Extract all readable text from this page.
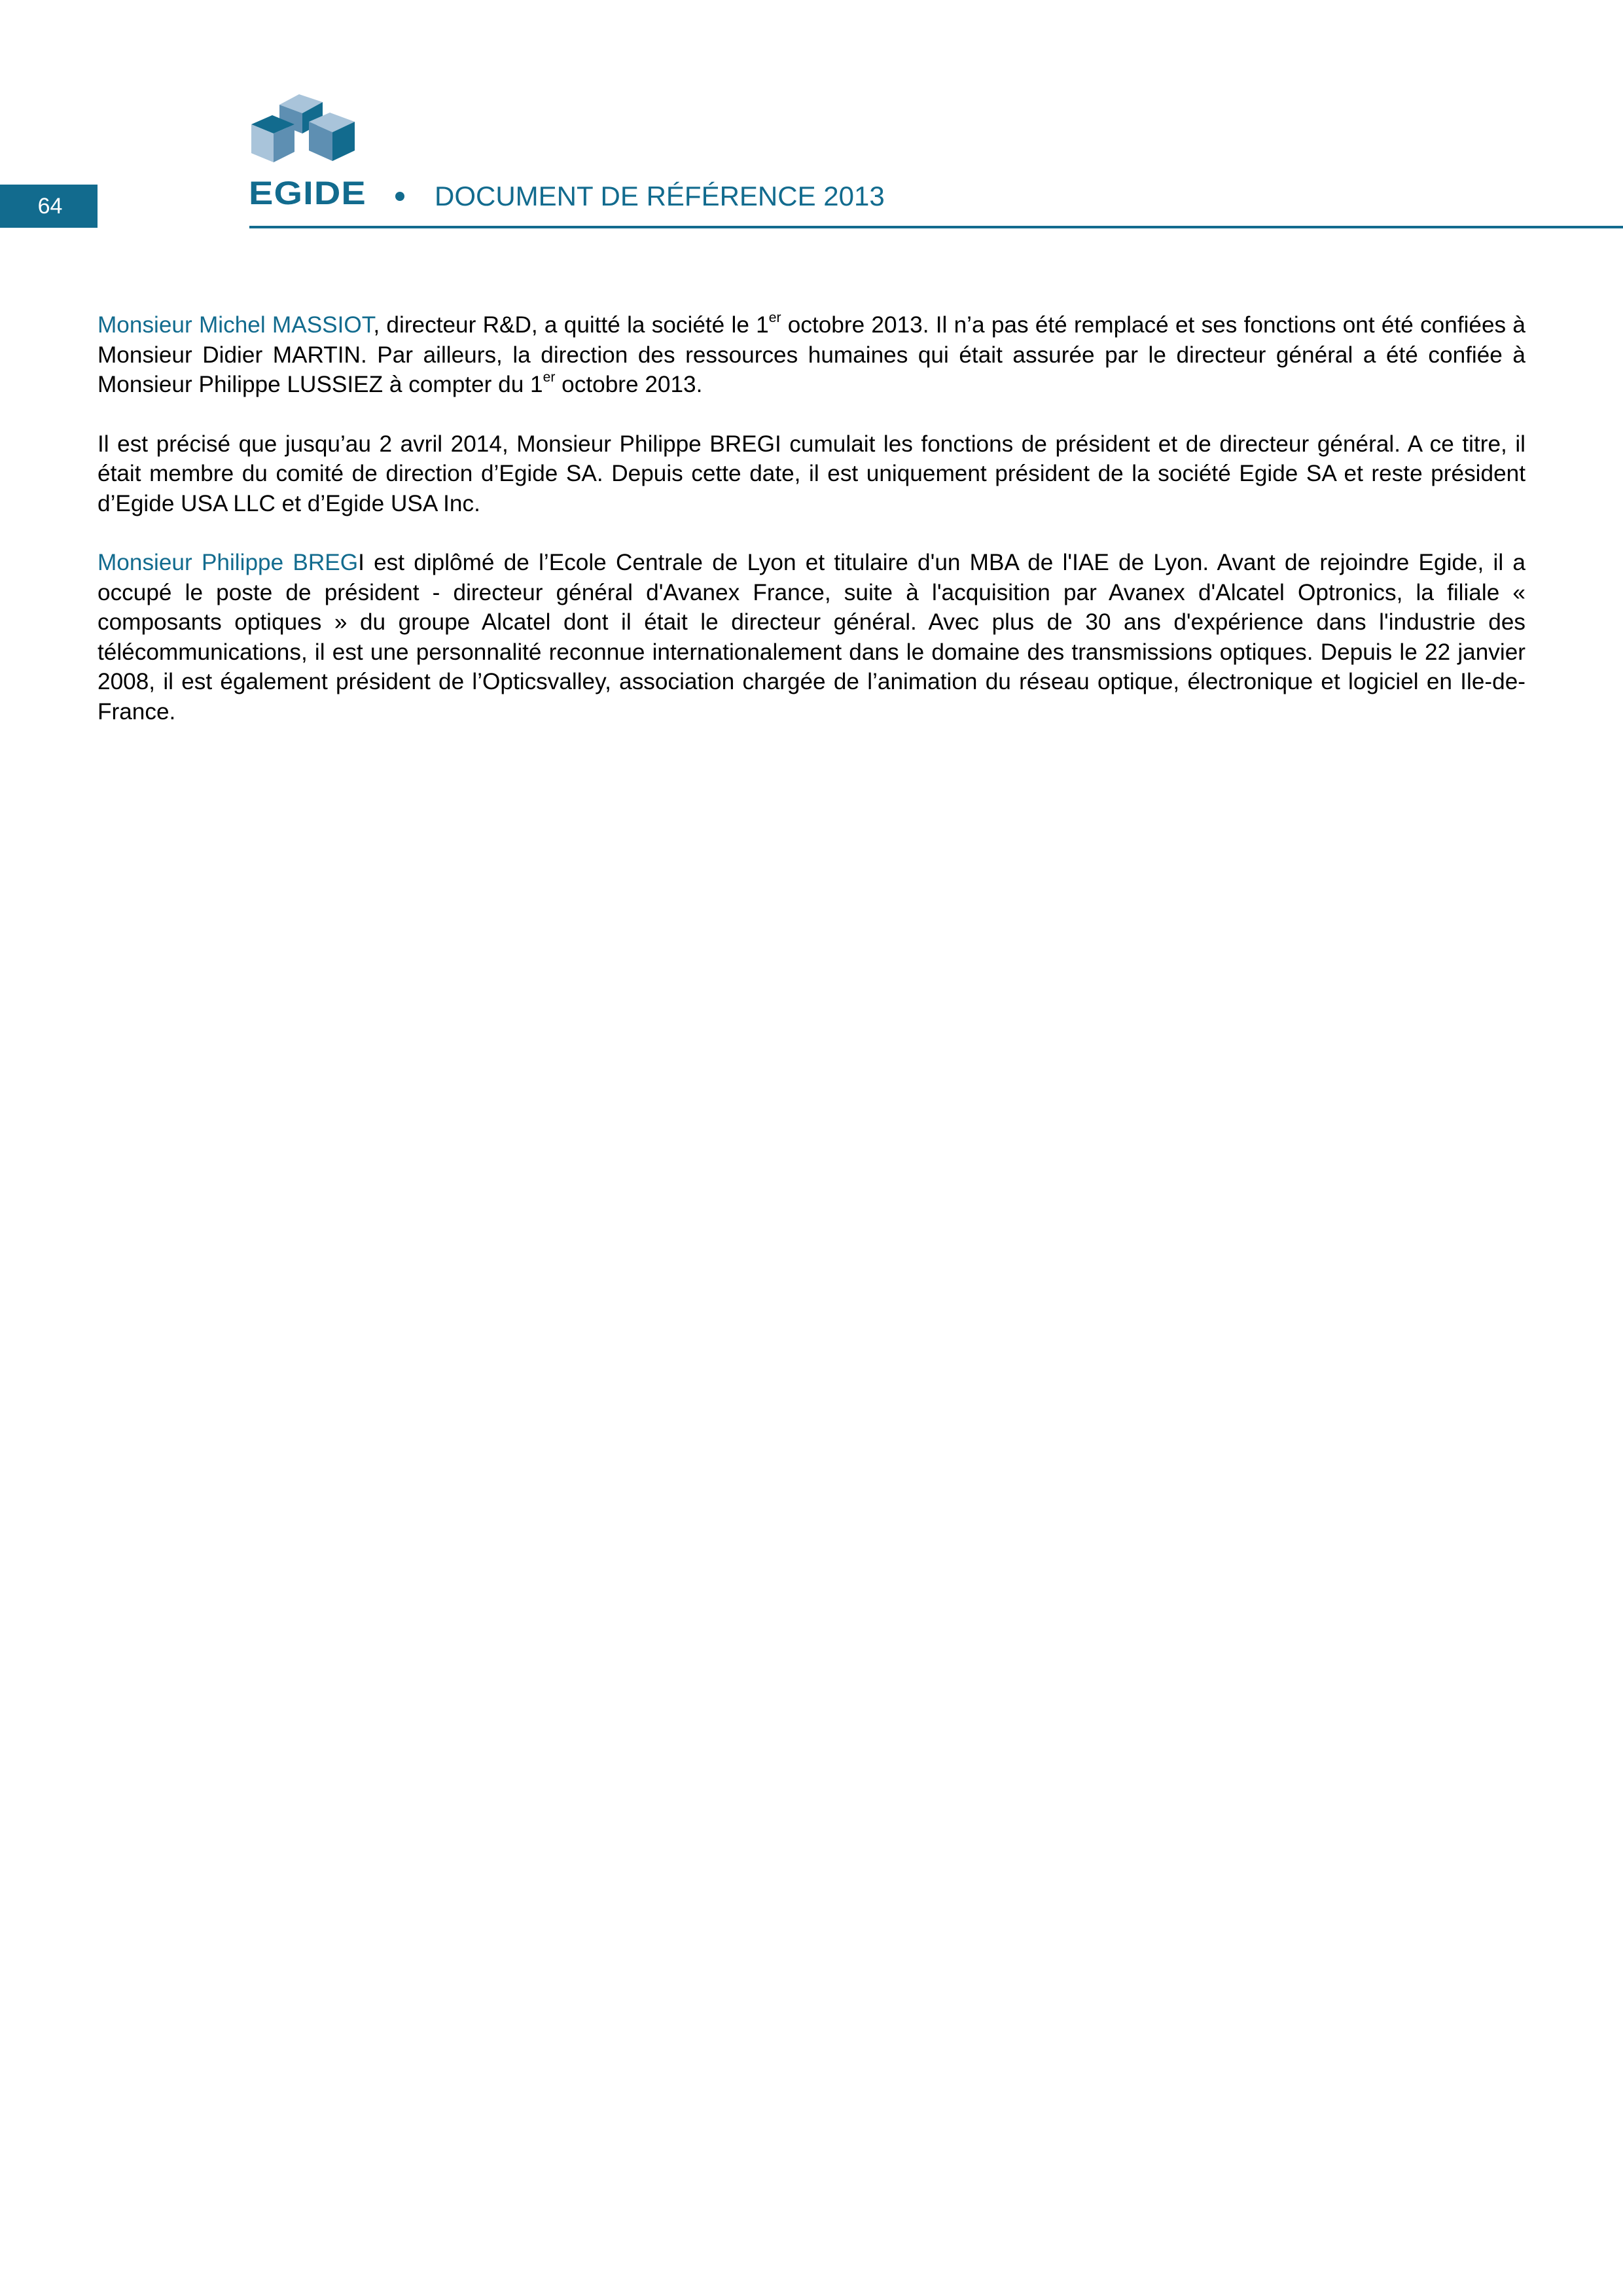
64	EGIDE DOCUMENT DE RÉFÉRENCE 2013

Monsieur Michel MASSIOT, directeur R&D, a quitté la société le 1er octobre 2013. Il n’a pas été remplacé et ses fonctions ont été confiées à Monsieur Didier MARTIN. Par ailleurs, la direction des ressources humaines qui était assurée par le directeur général a été confiée à Monsieur Philippe LUSSIEZ à compter du 1er octobre 2013.

Il est précisé que jusqu’au 2 avril 2014, Monsieur Philippe BREGI cumulait les fonctions de président et de directeur général. A ce titre, il était membre du comité de direction d’Egide SA. Depuis cette date, il est uniquement président de la société Egide SA et reste président d’Egide USA LLC et d’Egide USA Inc.

Monsieur Philippe BREGI est diplômé de l’Ecole Centrale de Lyon et titulaire d'un MBA de l'IAE de Lyon. Avant de rejoindre Egide, il a occupé le poste de président - directeur général d'Avanex France, suite à l'acquisition par Avanex d'Alcatel Optronics, la filiale « composants optiques » du groupe Alcatel dont il était le directeur général. Avec plus de 30 ans d'expérience dans l'industrie des télécommunications, il est une personnalité reconnue internationalement dans le domaine des transmissions optiques. Depuis le 22 janvier 2008, il est également président de l’Opticsvalley, association chargée de l’animation du réseau optique, électronique et logiciel en Ile-de-France.
